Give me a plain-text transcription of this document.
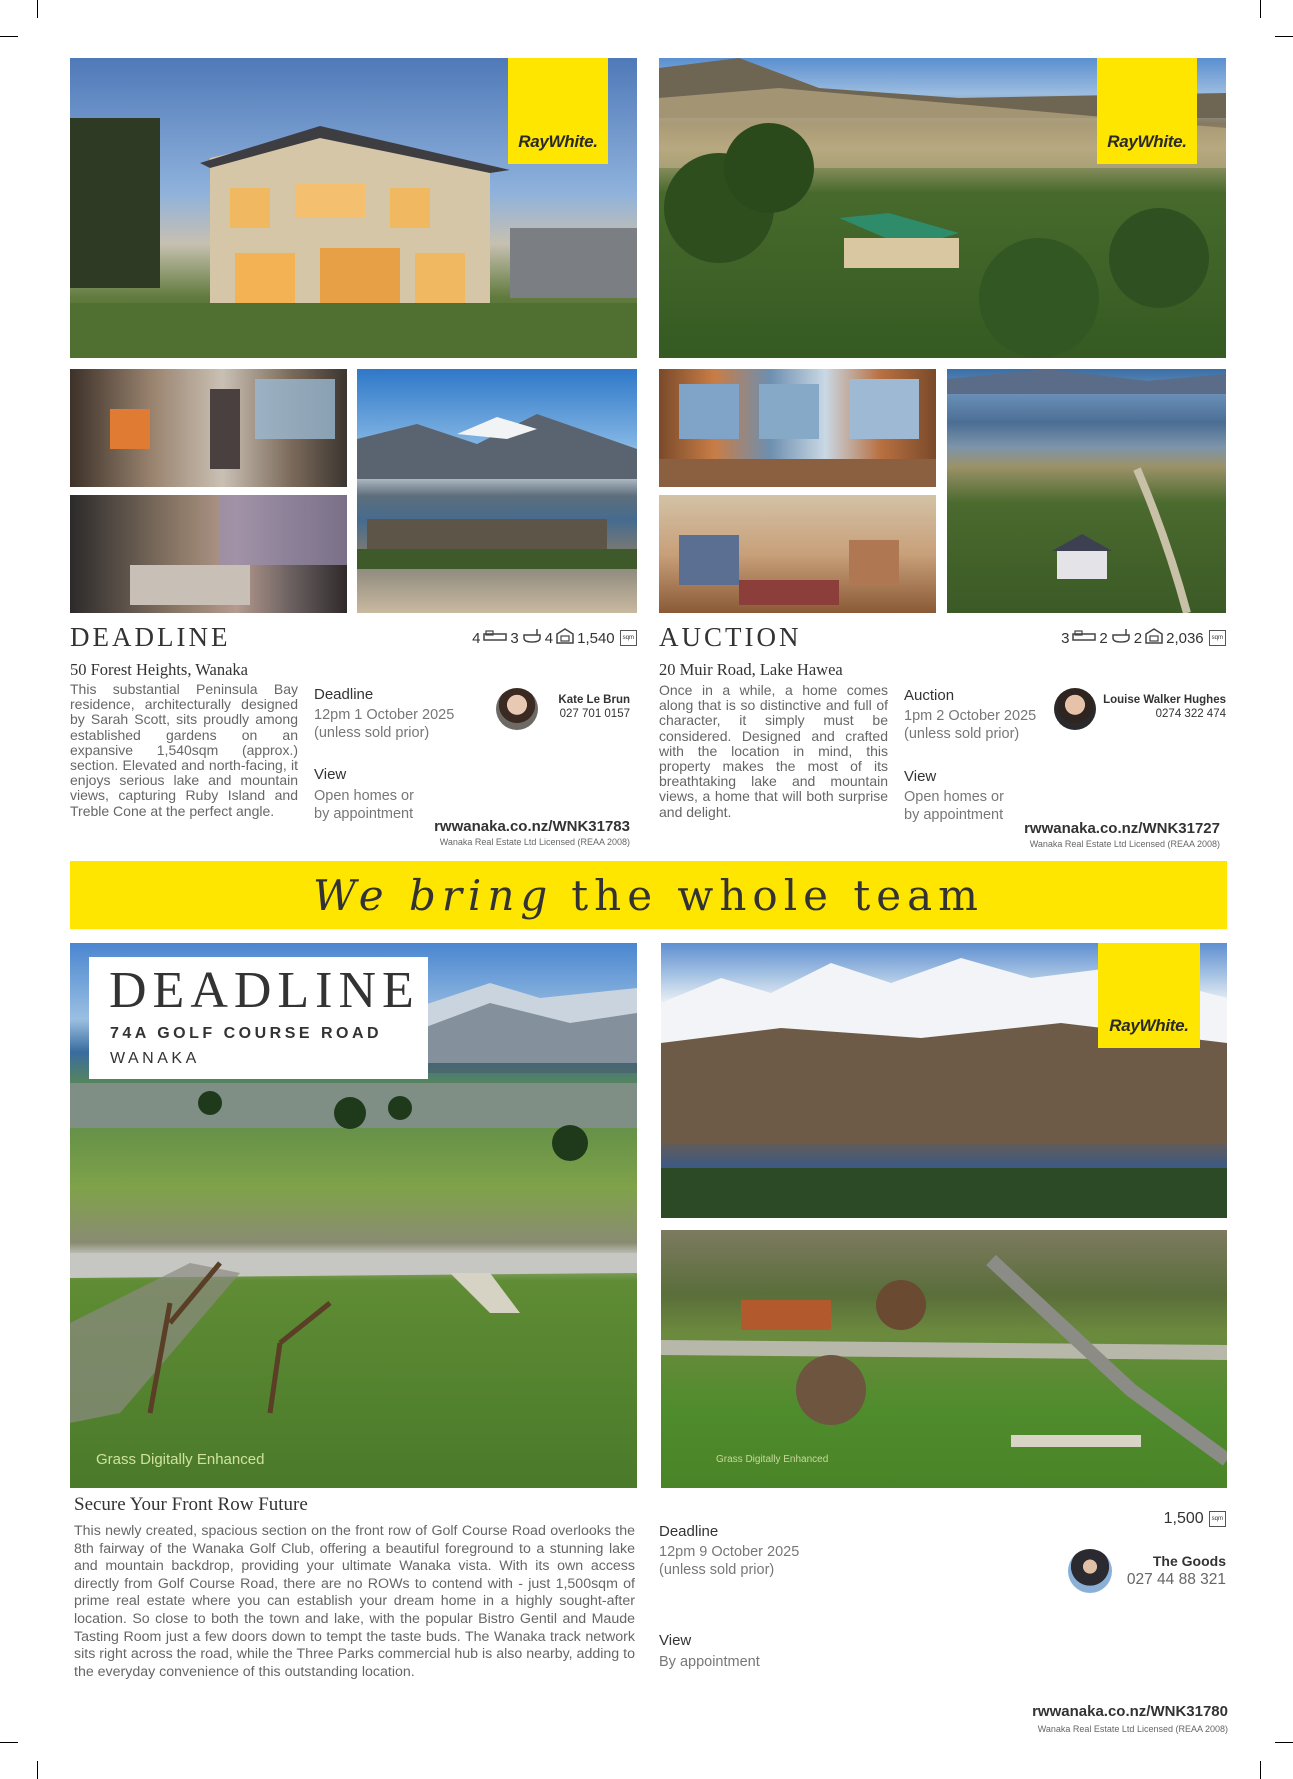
RayWhite.
DEADLINE	4 3 4 1,540	sqm
50 Forest Heights, Wanaka
This substantial Peninsula Bay residence, architecturally designed by Sarah Scott, sits proudly among established gardens on an expansive 1,540sqm (approx.) section. Elevated and north-facing, it enjoys serious lake and mountain views, capturing Ruby Island and Treble Cone at the perfect angle.
Deadline
12pm 1 October 2025
(unless sold prior)
View
Open homes or
by appointment
Kate Le Brun
027 701 0157
rwwanaka.co.nz/WNK31783
Wanaka Real Estate Ltd Licensed (REAA 2008)
RayWhite.
AUCTION	3 2 2 2,036	sqm
20 Muir Road, Lake Hawea
Once in a while, a home comes along that is so distinctive and full of character, it simply must be considered. Designed and crafted with the location in mind, this property makes the most of its breathtaking lake and mountain views, a home that will both surprise and delight.
Auction
1pm 2 October 2025
(unless sold prior)
View
Open homes or
by appointment
Louise Walker Hughes
0274 322 474
rwwanaka.co.nz/WNK31727
Wanaka Real Estate Ltd Licensed (REAA 2008)
We bring the whole team
DEADLINE
74A GOLF COURSE ROAD
WANAKA
Grass Digitally Enhanced
RayWhite.
Grass Digitally Enhanced
Secure Your Front Row Future
This newly created, spacious section on the front row of Golf Course Road overlooks the 8th fairway of the Wanaka Golf Club, offering a beautiful foreground to a stunning lake and mountain backdrop, providing your ultimate Wanaka vista. With its own access directly from Golf Course Road, there are no ROWs to contend with - just 1,500sqm of prime real estate where you can establish your dream home in a highly sought-after location. So close to both the town and lake, with the popular Bistro Gentil and Maude Tasting Room just a few doors down to tempt the taste buds. The Wanaka track network sits right across the road, while the Three Parks commercial hub is also nearby, adding to the everyday convenience of this outstanding location.
Deadline
12pm 9 October 2025
(unless sold prior)
View
By appointment
1,500	sqm
The Goods
027 44 88 321
rwwanaka.co.nz/WNK31780
Wanaka Real Estate Ltd Licensed (REAA 2008)
